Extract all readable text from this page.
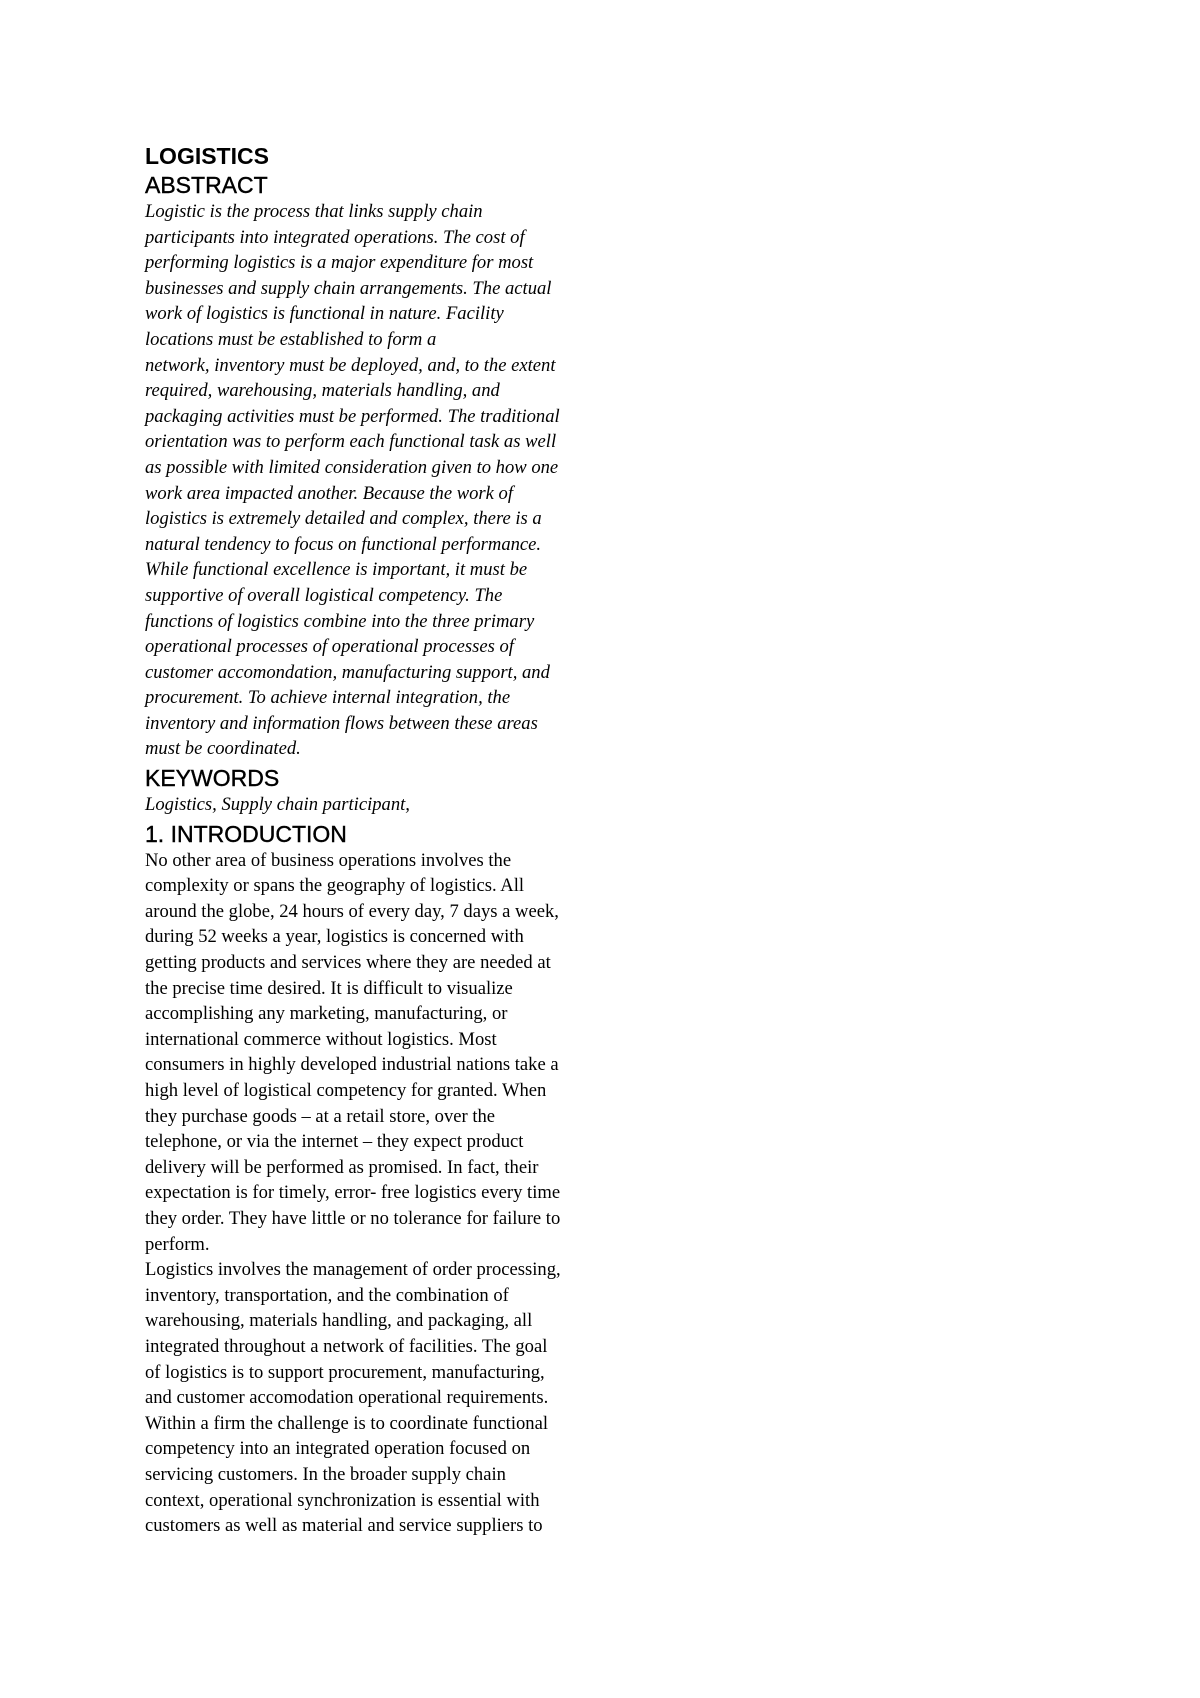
LOGISTICS
ABSTRACT
Logistic is the process that links supply chain
participants into integrated operations. The cost of
performing logistics is a major expenditure for most
businesses and supply chain arrangements. The actual
work of logistics is functional in nature. Facility
locations must be established to form a
network, inventory must be deployed, and, to the extent
required, warehousing, materials handling, and
packaging activities must be performed. The traditional
orientation was to perform each functional task as well
as possible with limited consideration given to how one
work area impacted another. Because the work of
logistics is extremely detailed and complex, there is a
natural tendency to focus on functional performance.
While functional excellence is important, it must be
supportive of overall logistical competency. The
functions of logistics combine into the three primary
operational processes of operational processes of
customer accomondation, manufacturing support, and
procurement. To achieve internal integration, the
inventory and information flows between these areas
must be coordinated.
KEYWORDS
Logistics, Supply chain participant,
1. INTRODUCTION
No other area of business operations involves the
complexity or spans the geography of logistics. All
around the globe, 24 hours of every day, 7 days a week,
during 52 weeks a year, logistics is concerned with
getting products and services where they are needed at
the precise time desired. It is difficult to visualize
accomplishing any marketing, manufacturing, or
international commerce without logistics. Most
consumers in highly developed industrial nations take a
high level of logistical competency for granted. When
they purchase goods – at a retail store, over the
telephone, or via the internet – they expect product
delivery will be performed as promised. In fact, their
expectation is for timely, error- free logistics every time
they order. They have little or no tolerance for failure to
perform.
Logistics involves the management of order processing,
inventory, transportation, and the combination of
warehousing, materials handling, and packaging, all
integrated throughout a network of facilities. The goal
of logistics is to support procurement, manufacturing,
and customer accomodation operational requirements.
Within a firm the challenge is to coordinate functional
competency into an integrated operation focused on
servicing customers. In the broader supply chain
context, operational synchronization is essential with
customers as well as material and service suppliers to
